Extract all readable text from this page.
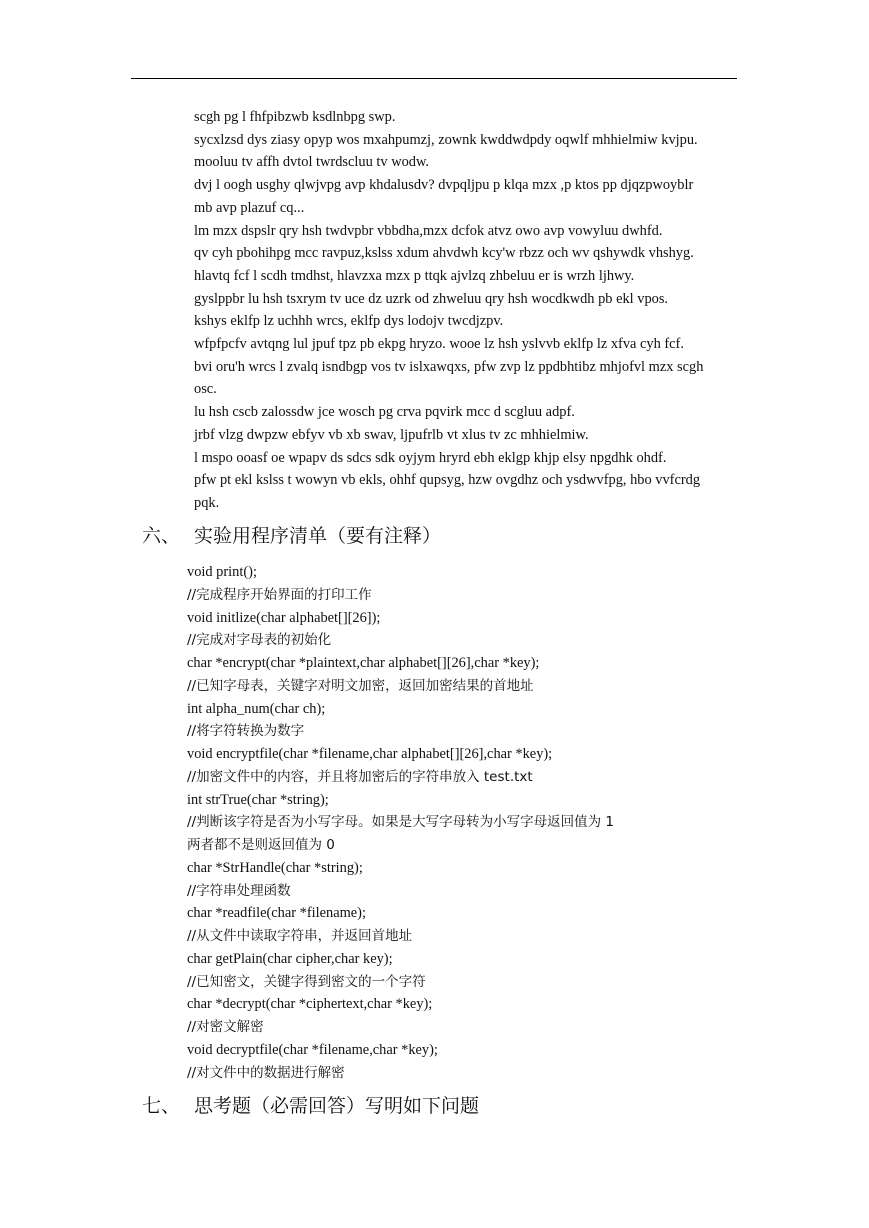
scgh pg l fhfpibzwb ksdlnbpg swp.

sycxlzsd dys ziasy opyp wos mxahpumzj, zownk kwddwdpdy oqwlf mhhielmiw kvjpu.

mooluu tv affh dvtol twrdscluu tv wodw.

dvj l oogh usghy qlwjvpg avp khdalusdv? dvpqljpu p klqa mzx ,p ktos pp djqzpwoyblr

mb avp plazuf cq...

lm mzx dspslr qry hsh twdvpbr vbbdha,mzx dcfok atvz owo avp vowyluu dwhfd.

qv cyh pbohihpg mcc ravpuz,kslss xdum ahvdwh kcy'w rbzz och wv qshywdk vhshyg.

hlavtq fcf l scdh tmdhst, hlavzxa mzx p ttqk ajvlzq zhbeluu er is wrzh ljhwy.

gyslppbr lu hsh tsxrym tv uce dz uzrk od zhweluu qry hsh wocdkwdh pb ekl vpos.

kshys eklfp lz uchhh wrcs, eklfp dys lodojv twcdjzpv.

wfpfpcfv avtqng lul jpuf tpz pb ekpg hryzo. wooe lz hsh yslvvb eklfp lz xfva cyh fcf.

bvi oru'h wrcs l zvalq isndbgp vos tv islxawqxs, pfw zvp lz ppdbhtibz mhjofvl mzx scgh

osc.

lu hsh cscb zalossdw jce wosch pg crva pqvirk mcc d scgluu adpf.

jrbf vlzg dwpzw ebfyv vb xb swav, ljpufrlb vt xlus tv zc mhhielmiw.

l mspo ooasf oe wpapv ds sdcs sdk oyjym hryrd ebh eklgp khjp elsy npgdhk ohdf.

pfw pt ekl kslss t wowyn vb ekls, ohhf qupsyg, hzw ovgdhz och ysdwvfpg, hbo vvfcrdg

pqk.

六、 实验用程序清单（要有注释）

void print();

//完成程序开始界面的打印工作

void initlize(char alphabet[][26]);

//完成对字母表的初始化

char *encrypt(char *plaintext,char alphabet[][26],char *key);

//已知字母表，关键字对明文加密，返回加密结果的首地址

int alpha_num(char ch);

//将字符转换为数字

void encryptfile(char *filename,char alphabet[][26],char *key);

//加密文件中的内容，并且将加密后的字符串放入 test.txt

int strTrue(char *string);

//判断该字符是否为小写字母。如果是大写字母转为小写字母返回值为 1

两者都不是则返回值为 0

char *StrHandle(char *string);

//字符串处理函数

char *readfile(char *filename);

//从文件中读取字符串，并返回首地址

char getPlain(char cipher,char key);

//已知密文，关键字得到密文的一个字符

char *decrypt(char *ciphertext,char *key);

//对密文解密

void decryptfile(char *filename,char *key);

//对文件中的数据进行解密

七、 思考题（必需回答）写明如下问题
